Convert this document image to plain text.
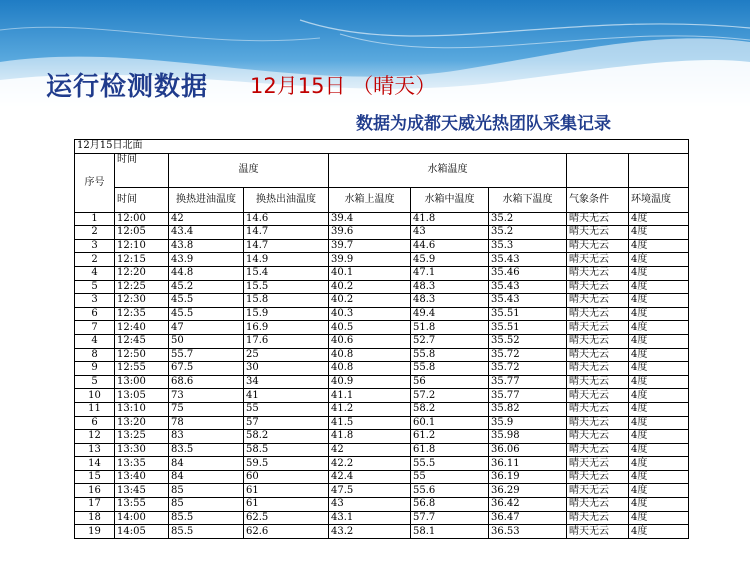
运行检测数据 12月15日 （晴天）
数据为成都天威光热团队采集记录
12月15日北面								
序号	时间	温度		水箱温度				
	时间	换热进油温度	换热出油温度	水箱上温度	水箱中温度	水箱下温度	气象条件	环境温度
1	12:00	42	14.6	39.4	41.8	35.2	晴天无云	4度
2	12:05	43.4	14.7	39.6	43	35.2	晴天无云	4度
3	12:10	43.8	14.7	39.7	44.6	35.3	晴天无云	4度
2	12:15	43.9	14.9	39.9	45.9	35.43	晴天无云	4度
4	12:20	44.8	15.4	40.1	47.1	35.46	晴天无云	4度
5	12:25	45.2	15.5	40.2	48.3	35.43	晴天无云	4度
3	12:30	45.5	15.8	40.2	48.3	35.43	晴天无云	4度
6	12:35	45.5	15.9	40.3	49.4	35.51	晴天无云	4度
7	12:40	47	16.9	40.5	51.8	35.51	晴天无云	4度
4	12:45	50	17.6	40.6	52.7	35.52	晴天无云	4度
8	12:50	55.7	25	40.8	55.8	35.72	晴天无云	4度
9	12:55	67.5	30	40.8	55.8	35.72	晴天无云	4度
5	13:00	68.6	34	40.9	56	35.77	晴天无云	4度
10	13:05	73	41	41.1	57.2	35.77	晴天无云	4度
11	13:10	75	55	41.2	58.2	35.82	晴天无云	4度
6	13:20	78	57	41.5	60.1	35.9	晴天无云	4度
12	13:25	83	58.2	41.8	61.2	35.98	晴天无云	4度
13	13:30	83.5	58.5	42	61.8	36.06	晴天无云	4度
14	13:35	84	59.5	42.2	55.5	36.11	晴天无云	4度
15	13:40	84	60	42.4	55	36.19	晴天无云	4度
16	13:45	85	61	47.5	55.6	36.29	晴天无云	4度
17	13:55	85	61	43	56.8	36.42	晴天无云	4度
18	14:00	85.5	62.5	43.1	57.7	36.47	晴天无云	4度
19	14:05	85.5	62.6	43.2	58.1	36.53	晴天无云	4度
